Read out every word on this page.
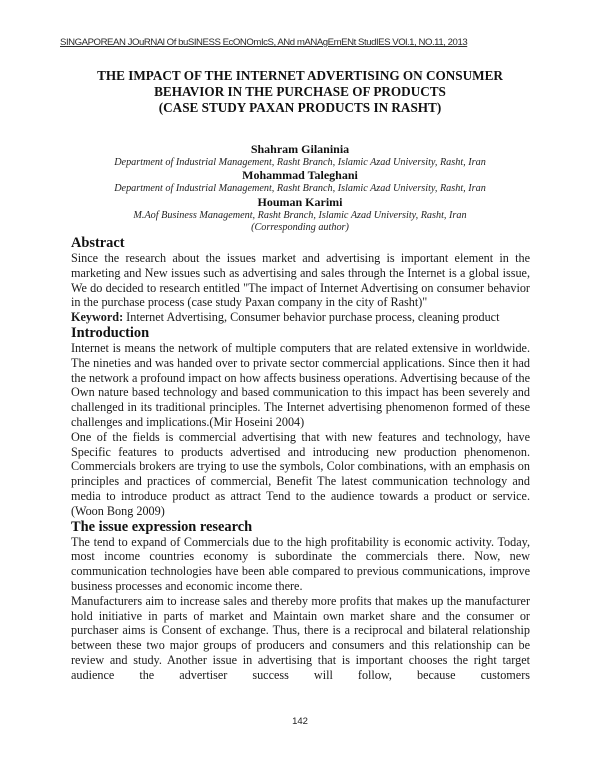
SINGAPOREAN JOuRNAl Of buSINESS EcONOmIcS, ANd mANAgEmENt StudIES VOl.1, NO.11, 2013
THE IMPACT OF THE INTERNET ADVERTISING ON CONSUMER
BEHAVIOR IN THE PURCHASE OF PRODUCTS
(CASE STUDY PAXAN PRODUCTS IN RASHT)
Shahram Gilaninia
Department of Industrial Management, Rasht Branch, Islamic Azad University, Rasht, Iran
Mohammad Taleghani
Department of Industrial Management, Rasht Branch, Islamic Azad University, Rasht, Iran
Houman Karimi
M.Aof Business Management, Rasht Branch, Islamic Azad University, Rasht, Iran
(Corresponding author)
Abstract

Since the research about the issues market and advertising is important element in the marketing and New issues such as advertising and sales through the Internet is a global issue, We do decided to research entitled "The impact of Internet Advertising on consumer behavior in the purchase process (case study Paxan company in the city of Rasht)"

Keyword: Internet Advertising, Consumer behavior purchase process, cleaning product

Introduction

Internet is means the network of multiple computers that are related extensive in worldwide. The nineties and was handed over to private sector commercial applications. Since then it had the network a profound impact on how affects business operations. Advertising because of the Own nature based technology and based communication to this impact has been severely and challenged in its traditional principles. The Internet advertising phenomenon formed of these challenges and implications.(Mir Hoseini 2004)

One of the fields is commercial advertising that with new features and technology, have Specific features to products advertised and introducing new production phenomenon. Commercials brokers are trying to use the symbols, Color combinations, with an emphasis on principles and practices of commercial, Benefit The latest communication technology and media to introduce product as attract Tend to the audience towards a product or service. (Woon Bong 2009)

The issue expression research

The tend to expand of Commercials due to the high profitability is economic activity. Today, most income countries economy is subordinate the commercials there. Now, new communication technologies have been able compared to previous communications, improve business processes and economic income there.

Manufacturers aim to increase sales and thereby more profits that makes up the manufacturer hold initiative in parts of market and Maintain own market share and the consumer or purchaser aims is Consent of exchange. Thus, there is a reciprocal and bilateral relationship between these two major groups of producers and consumers and this relationship can be review and study. Another issue in advertising that is important chooses the right target audience the advertiser success will follow, because customers

142
